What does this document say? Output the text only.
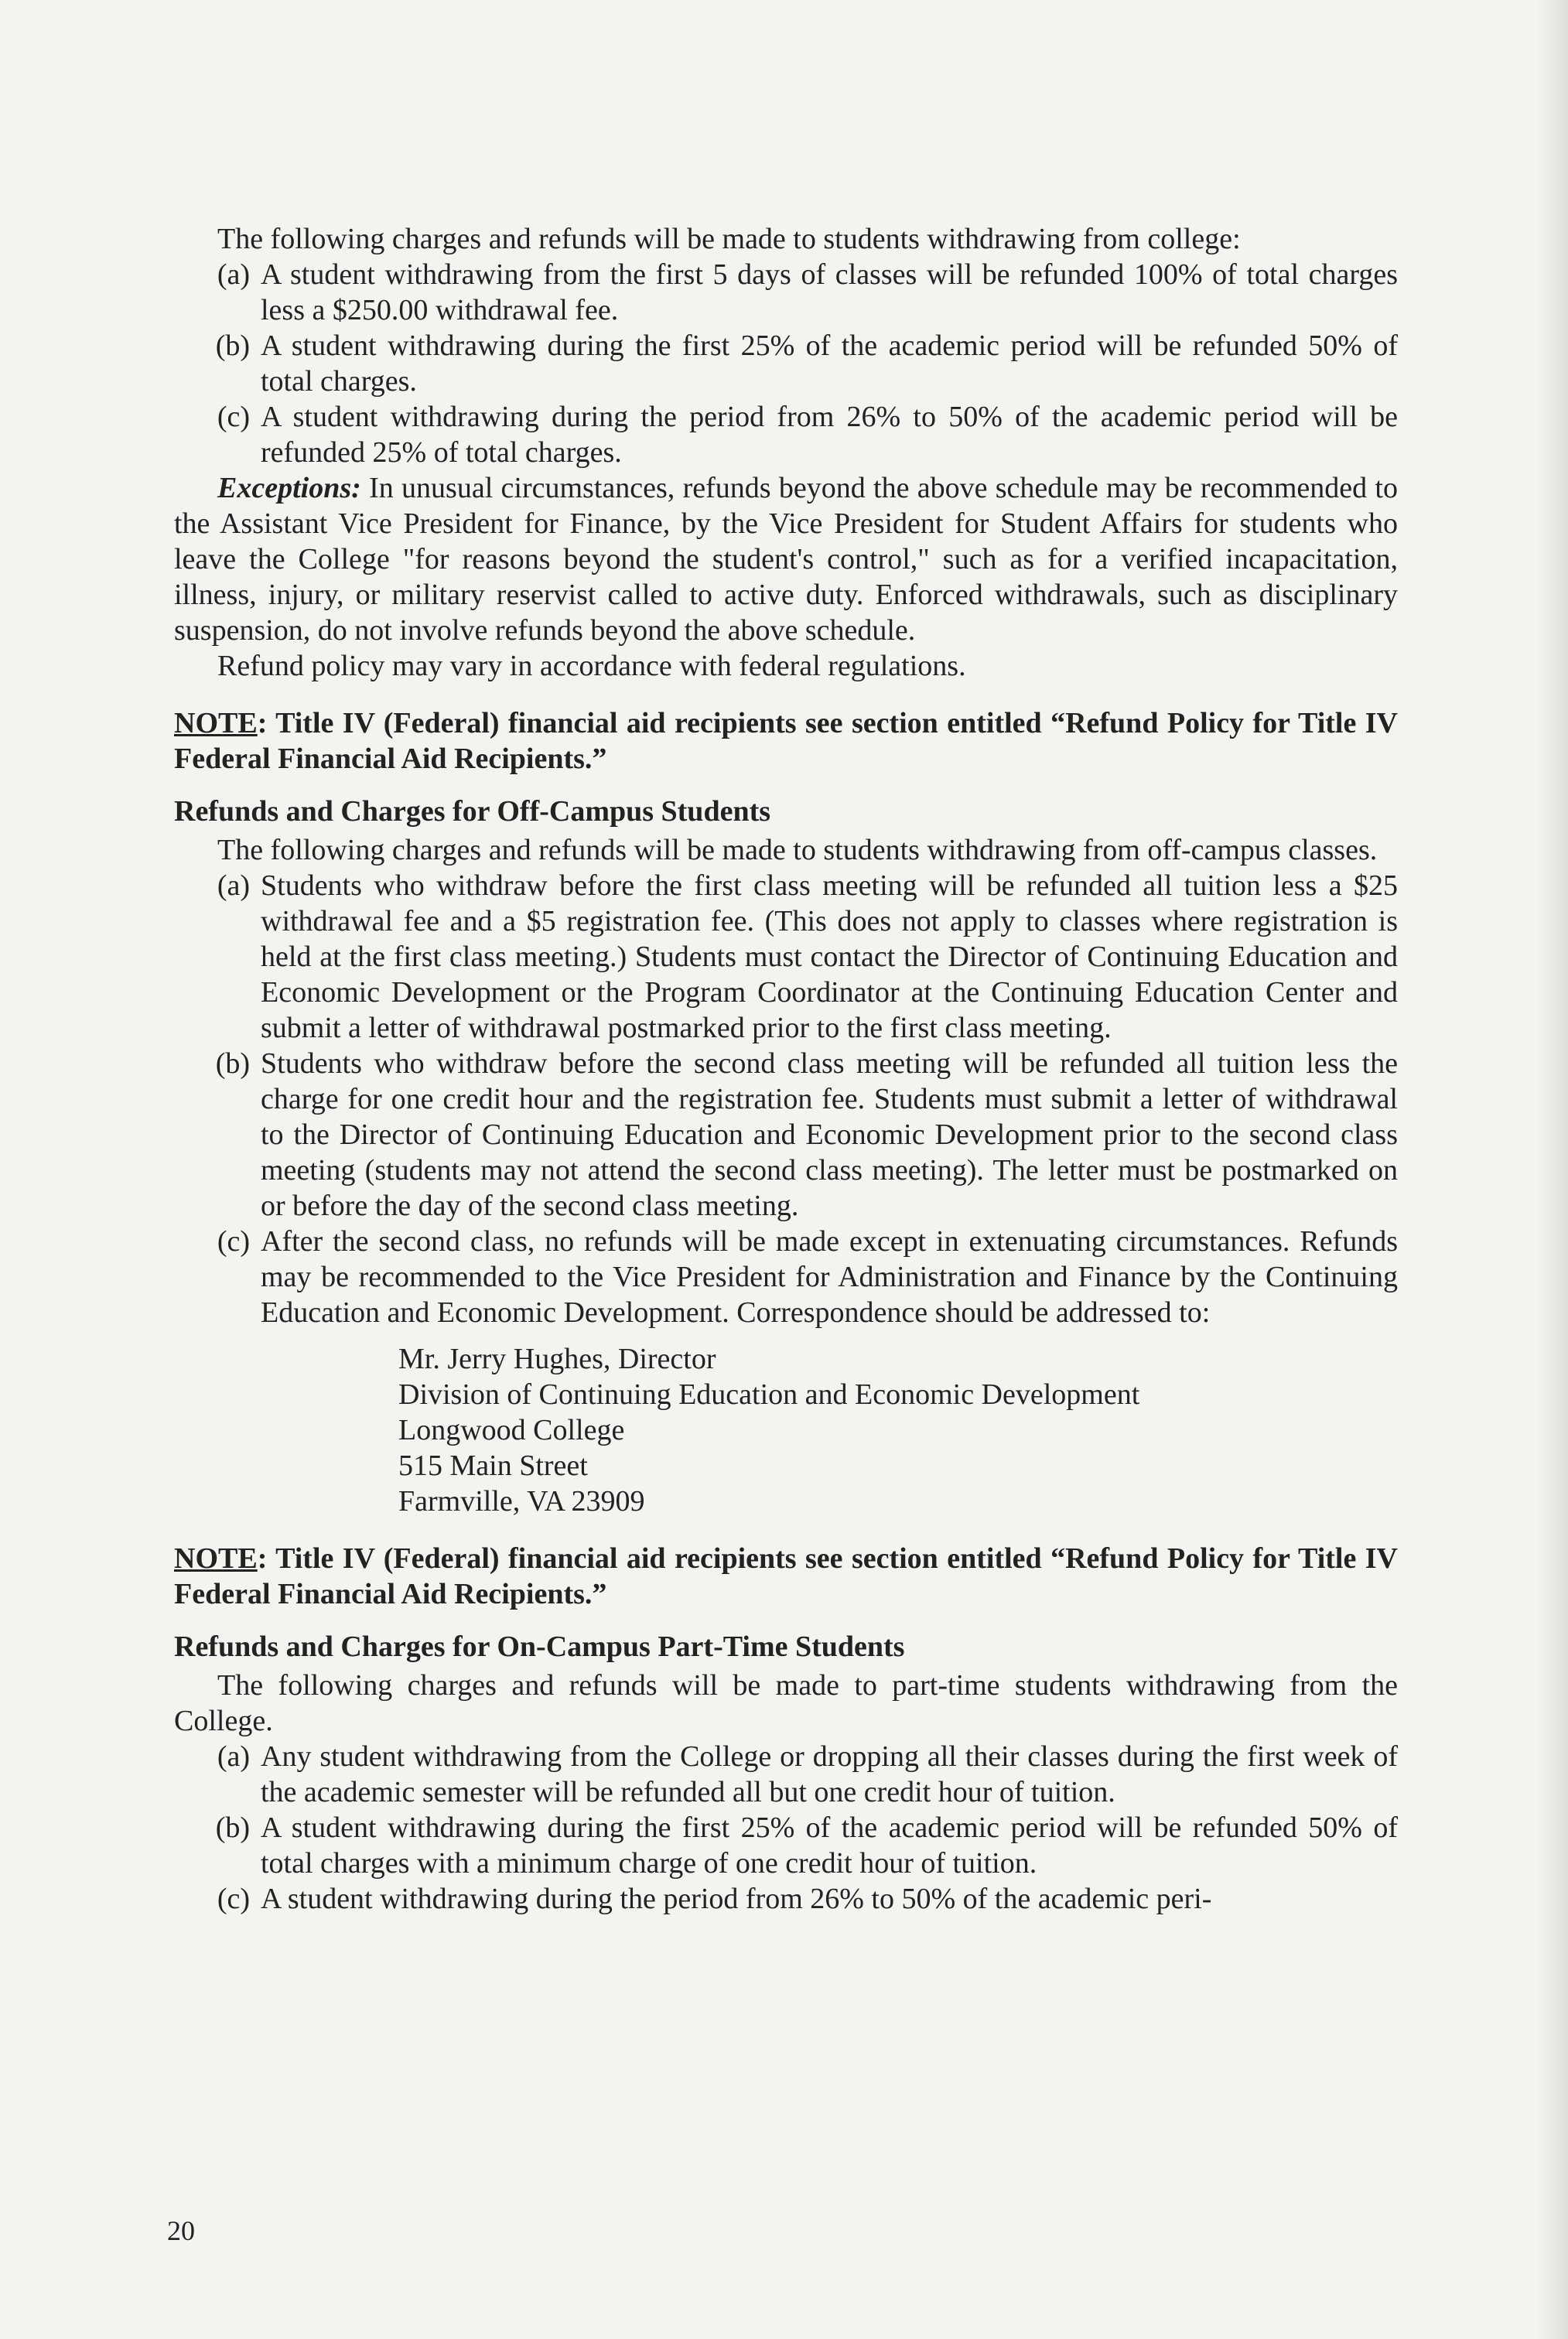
The following charges and refunds will be made to students withdrawing from college:

(a) A student withdrawing from the first 5 days of classes will be refunded 100% of total charges less a $250.00 withdrawal fee.
(b) A student withdrawing during the first 25% of the academic period will be refunded 50% of total charges.
(c) A student withdrawing during the period from 26% to 50% of the academic period will be refunded 25% of total charges.

Exceptions: In unusual circumstances, refunds beyond the above schedule may be recommended to the Assistant Vice President for Finance, by the Vice President for Student Affairs for students who leave the College "for reasons beyond the student's control," such as for a verified incapacitation, illness, injury, or military reservist called to active duty. Enforced withdrawals, such as disciplinary suspension, do not involve refunds beyond the above schedule.

Refund policy may vary in accordance with federal regulations.

NOTE: Title IV (Federal) financial aid recipients see section entitled “Refund Policy for Title IV Federal Financial Aid Recipients.”

Refunds and Charges for Off-Campus Students

The following charges and refunds will be made to students withdrawing from off-campus classes.

(a) Students who withdraw before the first class meeting will be refunded all tuition less a $25 withdrawal fee and a $5 registration fee. (This does not apply to classes where registration is held at the first class meeting.) Students must contact the Director of Continuing Education and Economic Development or the Program Coordinator at the Continuing Education Center and submit a letter of withdrawal postmarked prior to the first class meeting.
(b) Students who withdraw before the second class meeting will be refunded all tuition less the charge for one credit hour and the registration fee. Students must submit a letter of withdrawal to the Director of Continuing Education and Economic Development prior to the second class meeting (students may not attend the second class meeting). The letter must be postmarked on or before the day of the second class meeting.
(c) After the second class, no refunds will be made except in extenuating circumstances. Refunds may be recommended to the Vice President for Administration and Finance by the Continuing Education and Economic Development. Correspondence should be addressed to:
Mr. Jerry Hughes, Director
Division of Continuing Education and Economic Development
Longwood College
515 Main Street
Farmville, VA 23909

NOTE: Title IV (Federal) financial aid recipients see section entitled “Refund Policy for Title IV Federal Financial Aid Recipients.”

Refunds and Charges for On-Campus Part-Time Students

The following charges and refunds will be made to part-time students withdrawing from the College.

(a) Any student withdrawing from the College or dropping all their classes during the first week of the academic semester will be refunded all but one credit hour of tuition.
(b) A student withdrawing during the first 25% of the academic period will be refunded 50% of total charges with a minimum charge of one credit hour of tuition.
(c) A student withdrawing during the period from 26% to 50% of the academic peri-
20
